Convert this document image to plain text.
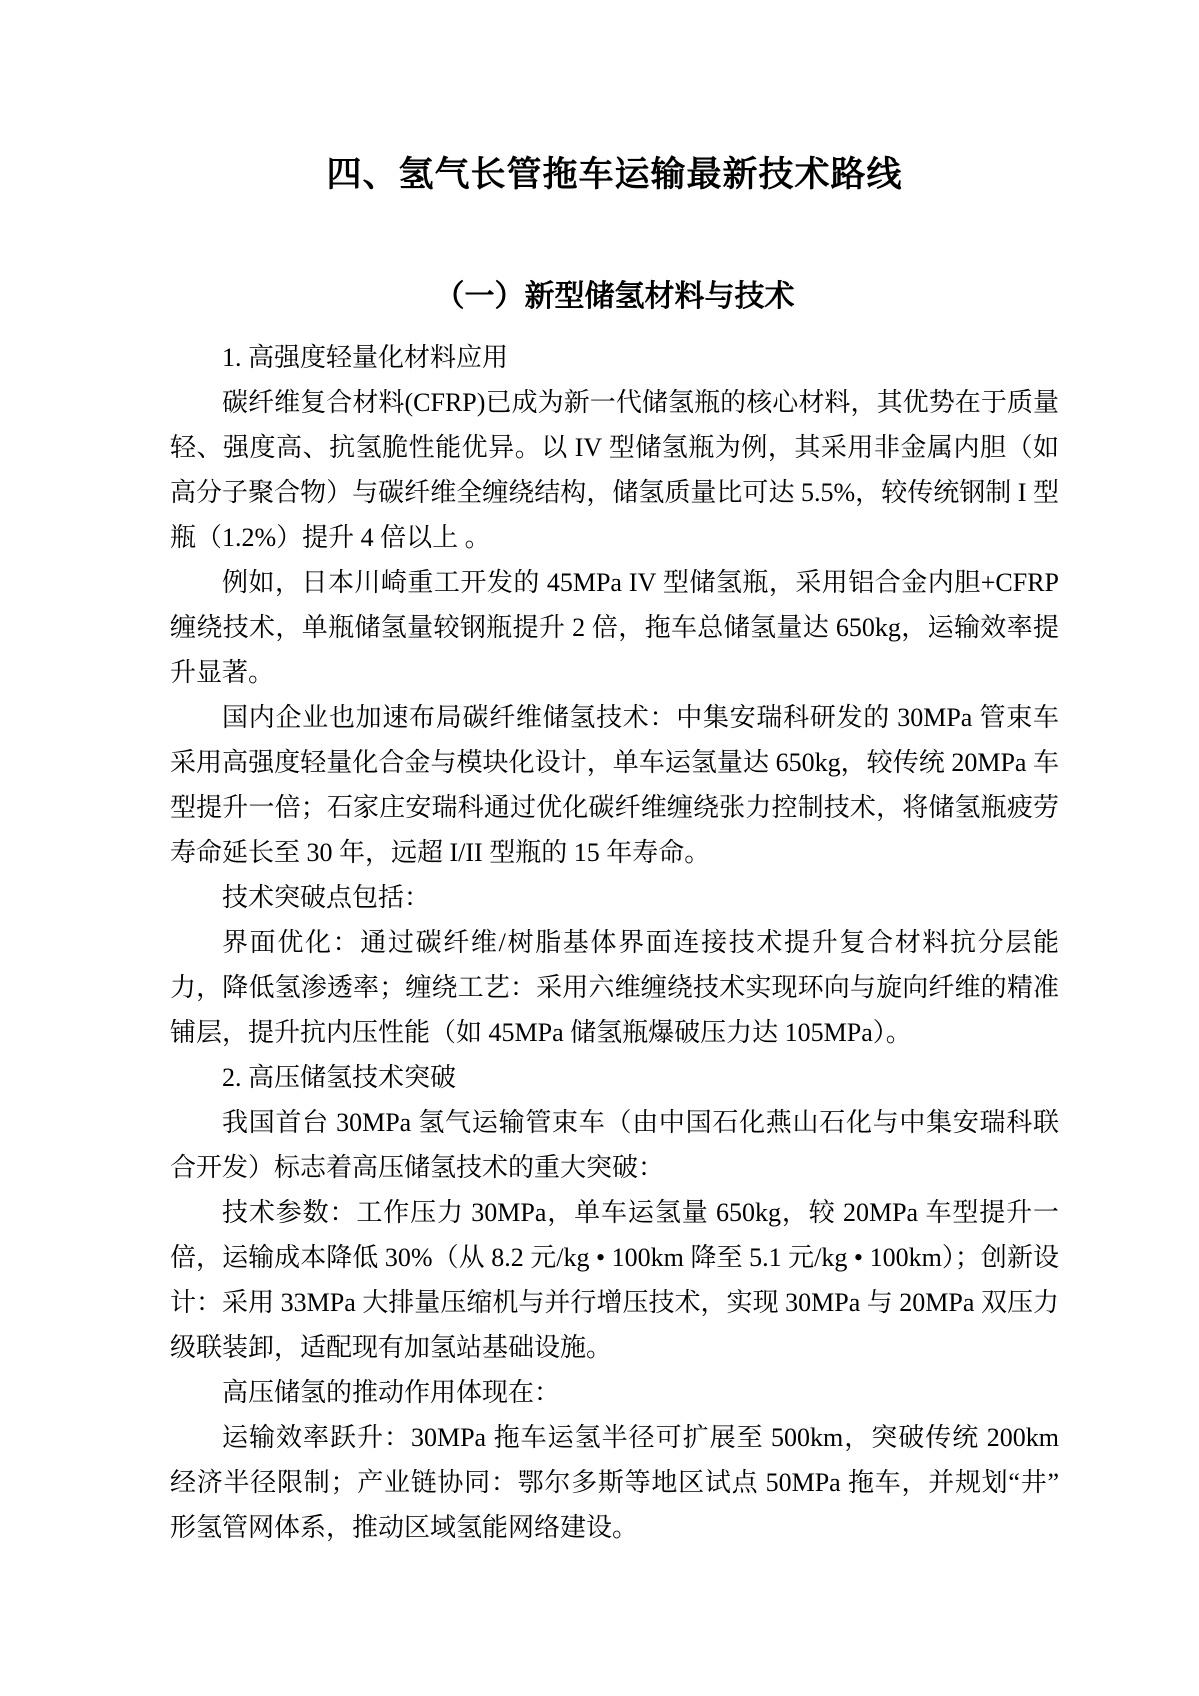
四、氢气长管拖车运输最新技术路线
（一）新型储氢材料与技术

1. 高强度轻量化材料应用

碳纤维复合材料(CFRP)已成为新一代储氢瓶的核心材料，其优势在于质量轻、强度高、抗氢脆性能优异。以 IV 型储氢瓶为例，其采用非金属内胆（如高分子聚合物）与碳纤维全缠绕结构，储氢质量比可达 5.5%，较传统钢制 I 型瓶（1.2%）提升 4 倍以上 。

例如，日本川崎重工开发的 45MPa IV 型储氢瓶，采用铝合金内胆+CFRP 缠绕技术，单瓶储氢量较钢瓶提升 2 倍，拖车总储氢量达 650kg，运输效率提升显著。

国内企业也加速布局碳纤维储氢技术：中集安瑞科研发的 30MPa 管束车采用高强度轻量化合金与模块化设计，单车运氢量达 650kg，较传统 20MPa 车型提升一倍；石家庄安瑞科通过优化碳纤维缠绕张力控制技术，将储氢瓶疲劳寿命延长至 30 年，远超 I/II 型瓶的 15 年寿命。

技术突破点包括：

界面优化：通过碳纤维/树脂基体界面连接技术提升复合材料抗分层能力，降低氢渗透率；缠绕工艺：采用六维缠绕技术实现环向与旋向纤维的精准铺层，提升抗内压性能（如 45MPa 储氢瓶爆破压力达 105MPa）。

2. 高压储氢技术突破

我国首台 30MPa 氢气运输管束车（由中国石化燕山石化与中集安瑞科联合开发）标志着高压储氢技术的重大突破：

技术参数：工作压力 30MPa，单车运氢量 650kg，较 20MPa 车型提升一倍，运输成本降低 30%（从 8.2 元/kg • 100km 降至 5.1 元/kg • 100km）；创新设计：采用 33MPa 大排量压缩机与并行增压技术，实现 30MPa 与 20MPa 双压力级联装卸，适配现有加氢站基础设施。

高压储氢的推动作用体现在：

运输效率跃升：30MPa 拖车运氢半径可扩展至 500km，突破传统 200km 经济半径限制；产业链协同：鄂尔多斯等地区试点 50MPa 拖车，并规划“井”形氢管网体系，推动区域氢能网络建设。
